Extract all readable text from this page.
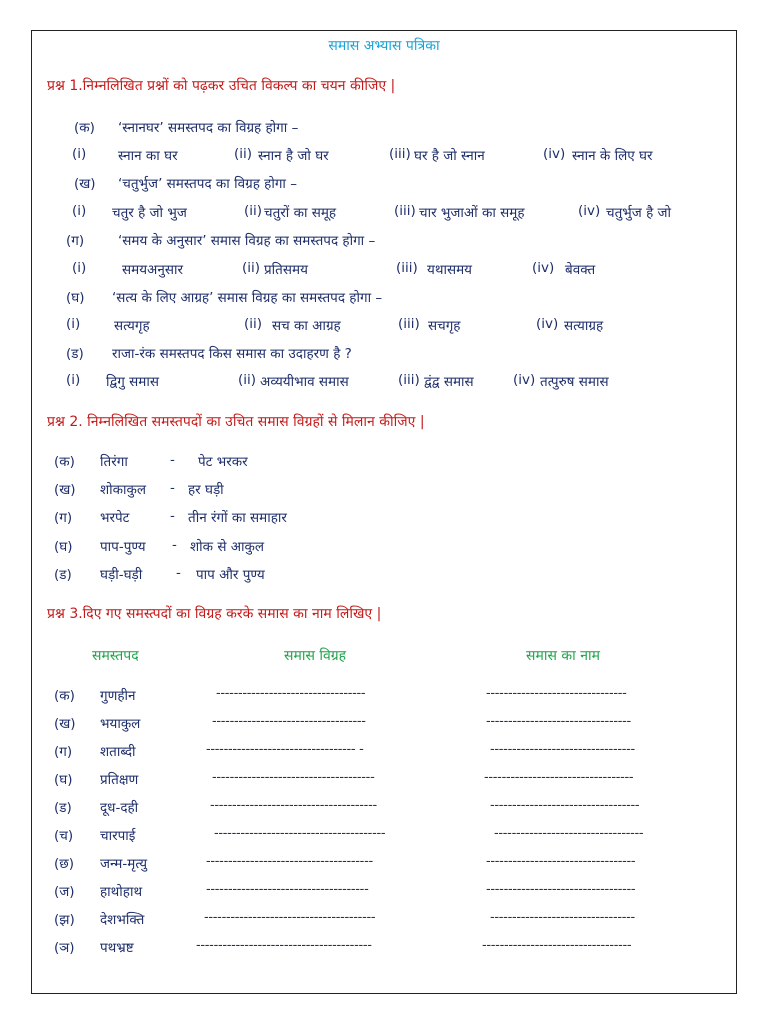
समास अभ्यास पत्रिका
प्रश्न 1.निम्नलिखित प्रश्नों को पढ़कर उचित विकल्प का चयन कीजिए |
(क) ‘स्नानघर’ समस्तपद का विग्रह होगा –
(i) स्नान का घर	(ii) स्नान है जो घर	(iii) घर है जो स्नान	(iv) स्नान के लिए घर
(ख) ‘चतुर्भुज’ समस्तपद का विग्रह होगा –
(i) चतुर है जो भुज	(ii) चतुरों का समूह	(iii) चार भुजाओं का समूह	(iv) चतुर्भुज है जो
(ग)	‘समय के अनुसार’ समास विग्रह का समस्तपद होगा –
(i)	समयअनुसार	(ii) प्रतिसमय	(iii) यथासमय	(iv) बेवक्त
(घ) ‘सत्य के लिए आग्रह’ समास विग्रह का समस्तपद होगा –
(i) सत्यगृह	(ii) सच का आग्रह	(iii) सचगृह	(iv) सत्याग्रह
(ड) राजा-रंक समस्तपद किस समास का उदाहरण है ?
(i) द्विगु समास	(ii) अव्ययीभाव समास	(iii) द्वंद्व समास	(iv) तत्पुरुष समास
प्रश्न 2. निम्नलिखित समस्तपदों का उचित समास विग्रहों से मिलान कीजिए |
(क) तिरंगा	- पेट भरकर
(ख) शोकाकुल - हर घड़ी
(ग) भरपेट	- तीन रंगों का समाहार
(घ) पाप-पुण्य - शोक से आकुल
(ड) घड़ी-घड़ी - पाप और पुण्य
प्रश्न 3.दिए गए समस्त्पदों का विग्रह करके समास का नाम लिखिए |
समस्तपद	समास विग्रह	समास का नाम
(क) गुणहीन	----------------------------------	--------------------------------
(ख) भयाकुल	-----------------------------------	---------------------------------
(ग) शताब्दी	---------------------------------- -	---------------------------------
(घ) प्रतिक्षण	-------------------------------------	----------------------------------
(ड) दूध-दही	--------------------------------------	----------------------------------
(च) चारपाई	---------------------------------------	----------------------------------
(छ) जन्म-मृत्यु	--------------------------------------	----------------------------------
(ज) हाथोहाथ	-------------------------------------	----------------------------------
(झ) देशभक्ति	---------------------------------------	---------------------------------
(ञ) पथभ्रष्ट	----------------------------------------	----------------------------------
